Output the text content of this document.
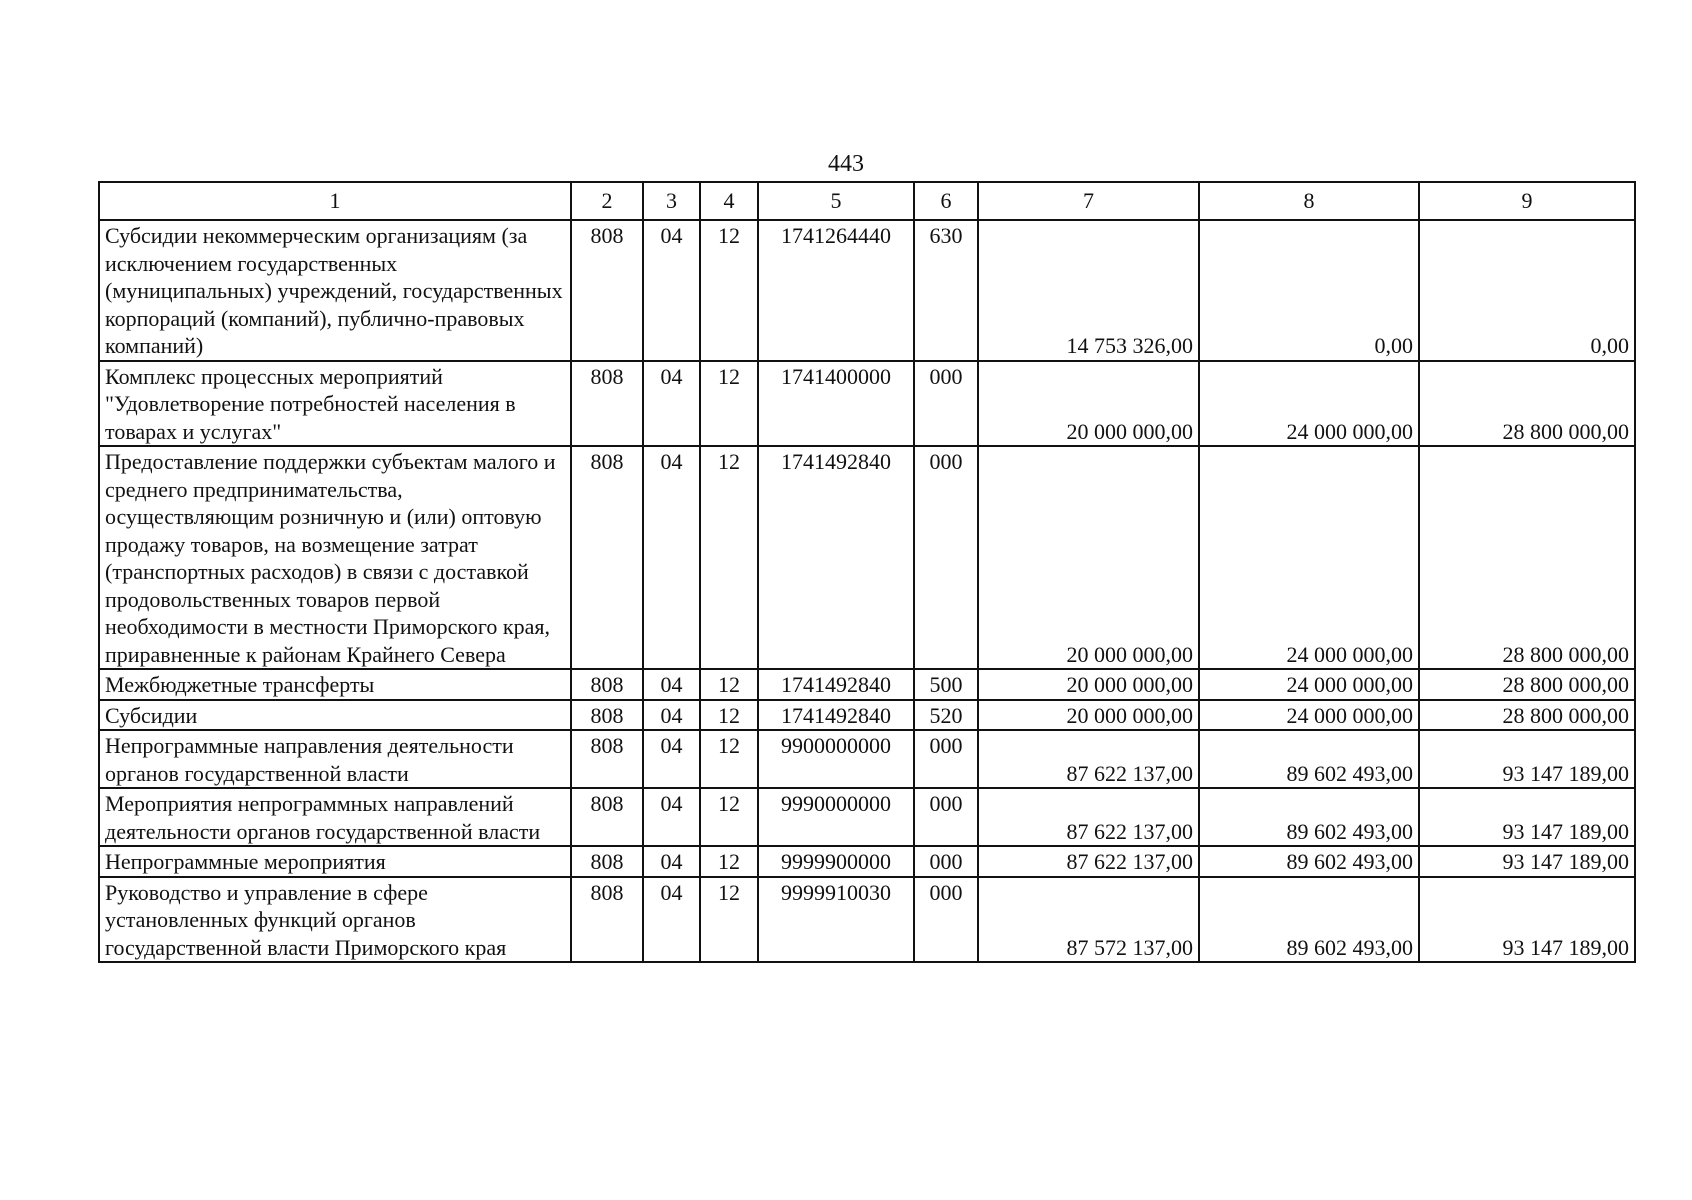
443
1	2	3	4	5	6	7	8	9
Субсидии некоммерческим организациям (за исключением государственных (муниципальных) учреждений, государственных корпораций (компаний), публично-правовых компаний)	808	04	12	1741264440	630	14 753 326,00	0,00	0,00
Комплекс процессных мероприятий "Удовлетворение потребностей населения в товарах и услугах"	808	04	12	1741400000	000	20 000 000,00	24 000 000,00	28 800 000,00
Предоставление поддержки субъектам малого и среднего предпринимательства, осуществляющим розничную и (или) оптовую продажу товаров, на возмещение затрат (транспортных расходов) в связи с доставкой продовольственных товаров первой необходимости в местности Приморского края, приравненные к районам Крайнего Севера	808	04	12	1741492840	000	20 000 000,00	24 000 000,00	28 800 000,00
Межбюджетные трансферты	808	04	12	1741492840	500	20 000 000,00	24 000 000,00	28 800 000,00
Субсидии	808	04	12	1741492840	520	20 000 000,00	24 000 000,00	28 800 000,00
Непрограммные направления деятельности органов государственной власти	808	04	12	9900000000	000	87 622 137,00	89 602 493,00	93 147 189,00
Мероприятия непрограммных направлений деятельности органов государственной власти	808	04	12	9990000000	000	87 622 137,00	89 602 493,00	93 147 189,00
Непрограммные мероприятия	808	04	12	9999900000	000	87 622 137,00	89 602 493,00	93 147 189,00
Руководство и управление в сфере установленных функций органов государственной власти Приморского края	808	04	12	9999910030	000	87 572 137,00	89 602 493,00	93 147 189,00
